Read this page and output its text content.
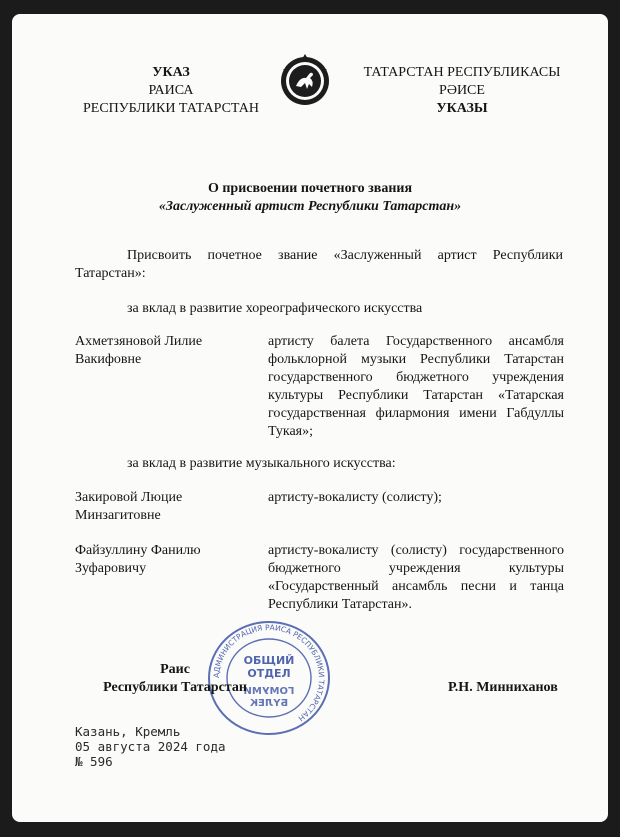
УКАЗ
РАИСА
РЕСПУБЛИКИ ТАТАРСТАН
ТАТАРСТАН РЕСПУБЛИКАСЫ
РӘИСЕ
УКАЗЫ
О присвоении почетного звания
«Заслуженный артист Республики Татарстан»
Присвоить почетное звание «Заслуженный артист Республики Татарстан»:
за вклад в развитие хореографического искусства
Ахметзяновой Лилие Вакифовне
артисту балета Государственного ансамбля фольклорной музыки Республики Татарстан государственного бюджетного учреждения культуры Республики Татарстан «Татарская государственная филармония имени Габдуллы Тукая»;
за вклад в развитие музыкального искусства:
Закировой Люцие Минзагитовне
артисту-вокалисту (солисту);
Файзуллину Фанилю Зуфаровичу
артисту-вокалисту (солисту) государственного бюджетного учреждения культуры «Государственный ансамбль песни и танца Республики Татарстан».
АДМИНИСТРАЦИЯ РАИСА РЕСПУБЛИКИ ТАТАРСТАН
ОБЩИЙ
ОТДЕЛ
ГОМУМИ
БҮЛЕК
Раис
Республики Татарстан	Р.Н. Минниханов
Казань, Кремль
05 августа 2024 года
№ 596
